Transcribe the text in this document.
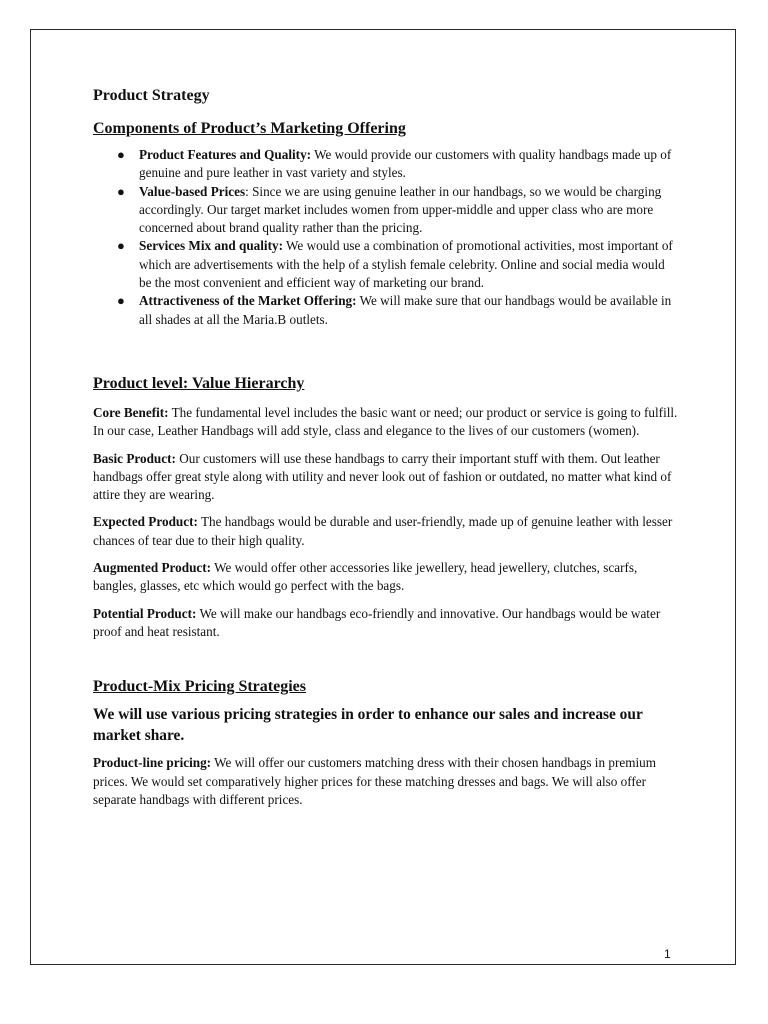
Product Strategy
Components of Product’s Marketing Offering
● Product Features and Quality: We would provide our customers with quality handbags made up of genuine and pure leather in vast variety and styles.
● Value-based Prices: Since we are using genuine leather in our handbags, so we would be charging accordingly. Our target market includes women from upper-middle and upper class who are more concerned about brand quality rather than the pricing.
● Services Mix and quality: We would use a combination of promotional activities, most important of which are advertisements with the help of a stylish female celebrity. Online and social media would be the most convenient and efficient way of marketing our brand.
● Attractiveness of the Market Offering: We will make sure that our handbags would be available in all shades at all the Maria.B outlets.
Product level: Value Hierarchy

Core Benefit: The fundamental level includes the basic want or need; our product or service is going to fulfill. In our case, Leather Handbags will add style, class and elegance to the lives of our customers (women).

Basic Product: Our customers will use these handbags to carry their important stuff with them. Out leather handbags offer great style along with utility and never look out of fashion or outdated, no matter what kind of attire they are wearing.

Expected Product: The handbags would be durable and user-friendly, made up of genuine leather with lesser chances of tear due to their high quality.

Augmented Product: We would offer other accessories like jewellery, head jewellery, clutches, scarfs, bangles, glasses, etc which would go perfect with the bags.

Potential Product: We will make our handbags eco-friendly and innovative. Our handbags would be water proof and heat resistant.

Product-Mix Pricing Strategies
We will use various pricing strategies in order to enhance our sales and increase our market share.

Product-line pricing: We will offer our customers matching dress with their chosen handbags in premium prices. We would set comparatively higher prices for these matching dresses and bags. We will also offer separate handbags with different prices.

1
